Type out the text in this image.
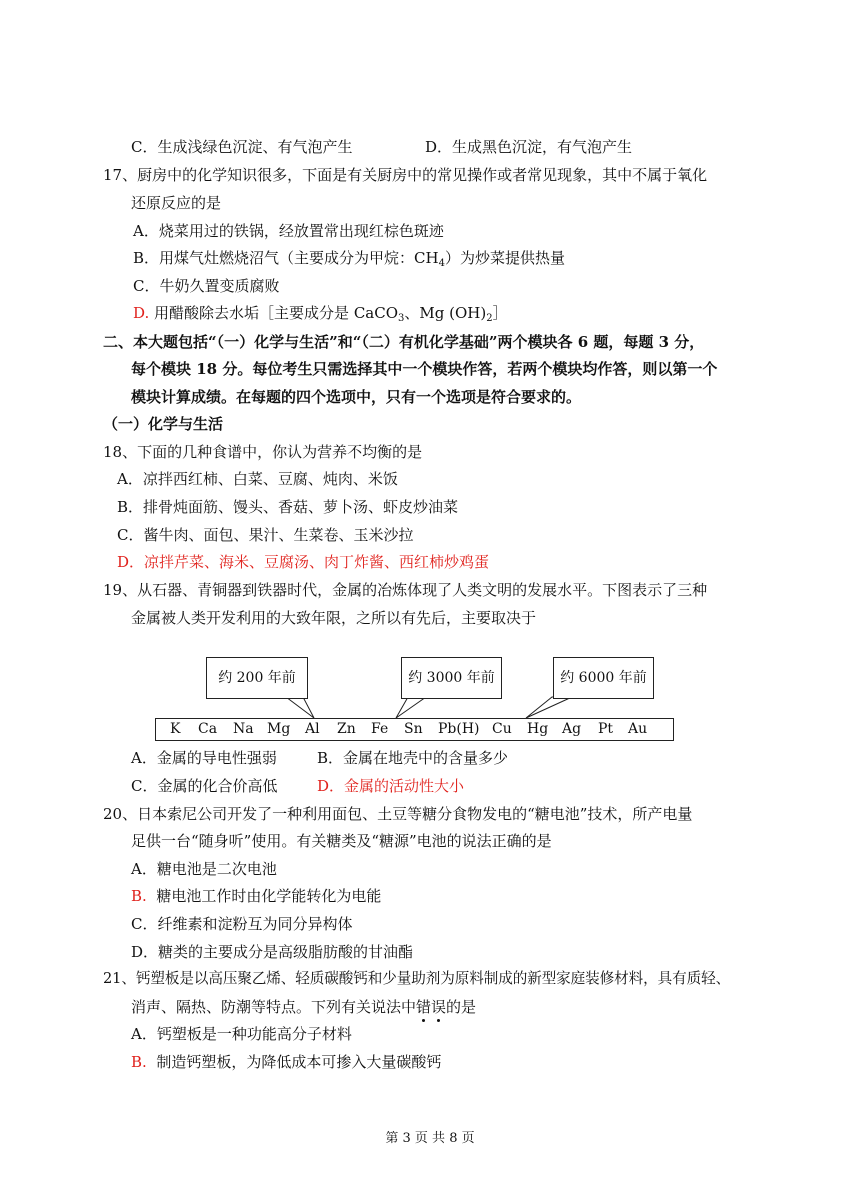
C．生成浅绿色沉淀、有气泡产生	D．生成黑色沉淀，有气泡产生
17、厨房中的化学知识很多，下面是有关厨房中的常见操作或者常见现象，其中不属于氧化
还原反应的是
A．烧菜用过的铁锅，经放置常出现红棕色斑迹
B．用煤气灶燃烧沼气（主要成分为甲烷：$CH_4$）为炒菜提供热量
C．牛奶久置变质腐败
D. 用醋酸除去水垢［主要成分是 CaCO$_3$、Mg $(OH)_2]$
二、本大题包括“（一）化学与生活”和“（二）有机化学基础”两个模块各 6 题，每题 3 分，
每个模块 18 分。每位考生只需选择其中一个模块作答，若两个模块均作答，则以第一个
模块计算成绩。在每题的四个选项中，只有一个选项是符合要求的。
（一）化学与生活
18、下面的几种食谱中，你认为营养不均衡的是
A．凉拌西红柿、白菜、豆腐、炖肉、米饭
B．排骨炖面筋、馒头、香菇、萝卜汤、虾皮炒油菜
C．酱牛肉、面包、果汁、生菜卷、玉米沙拉
D．凉拌芹菜、海米、豆腐汤、肉丁炸酱、西红柿炒鸡蛋
19、从石器、青铜器到铁器时代，金属的冶炼体现了人类文明的发展水平。下图表示了三种
金属被人类开发利用的大致年限，之所以有先后，主要取决于
约 200 年前	约 3000 年前	约 6000 年前
K Ca Na Mg Al Zn Fe Sn Pb(H) Cu Hg Ag Pt Au
A．金属的导电性强弱	B．金属在地壳中的含量多少
C．金属的化合价高低	D．金属的活动性大小
20、日本索尼公司开发了一种利用面包、土豆等糖分食物发电的“糖电池”技术，所产电量
足供一台“随身听”使用。有关糖类及“糖源”电池的说法正确的是
A．糖电池是二次电池
B. 糖电池工作时由化学能转化为电能
C．纤维素和淀粉互为同分异构体
D．糖类的主要成分是高级脂肪酸的甘油酯
21、钙塑板是以高压聚乙烯、轻质碳酸钙和少量助剂为原料制成的新型家庭装修材料，具有质轻、
消声、隔热、防潮等特点。下列有关说法中错误的是
A．钙塑板是一种功能高分子材料
B. 制造钙塑板，为降低成本可掺入大量碳酸钙
第 3 页 共 8 页
